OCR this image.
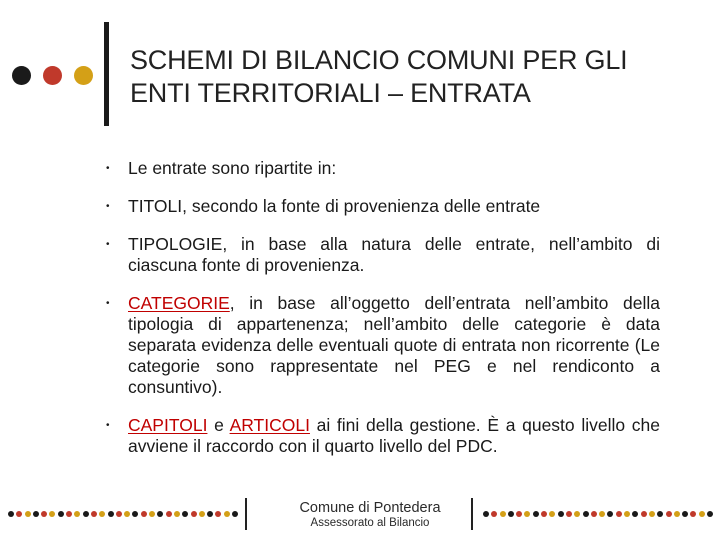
SCHEMI DI BILANCIO COMUNI PER GLI
ENTI TERRITORIALI – ENTRATA
• Le entrate sono ripartite in:
• TITOLI, secondo la fonte di provenienza delle entrate
• TIPOLOGIE, in base alla natura delle entrate, nell’ambito di ciascuna fonte di provenienza.
• CATEGORIE, in base all’oggetto dell’entrata nell’ambito della tipologia di appartenenza; nell’ambito delle categorie è data separata evidenza delle eventuali quote di entrata non ricorrente (Le categorie sono rappresentate nel PEG e nel rendiconto a consuntivo).
• CAPITOLI e ARTICOLI ai fini della gestione. È a questo livello che avviene il raccordo con il quarto livello del PDC.
Comune di Pontedera
Assessorato al Bilancio
